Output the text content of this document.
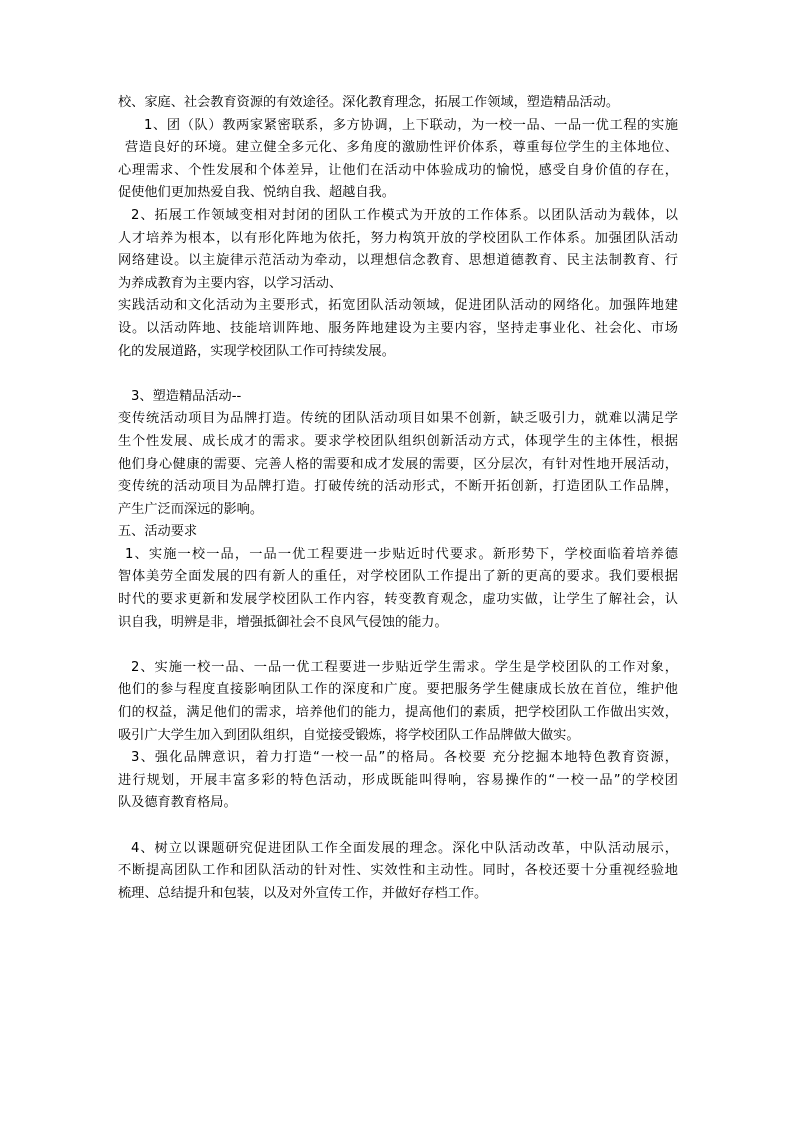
校、家庭、社会教育资源的有效途径。深化教育理念，拓展工作领域，塑造精品活动。
1、团（队）教两家紧密联系，多方协调，上下联动，为一校一品、一品一优工程的实施
营造良好的环境。建立健全多元化、多角度的激励性评价体系，尊重每位学生的主体地位、
心理需求、个性发展和个体差异，让他们在活动中体验成功的愉悦，感受自身价值的存在，
促使他们更加热爱自我、悦纳自我、超越自我。
2、拓展工作领域变相对封闭的团队工作模式为开放的工作体系。以团队活动为载体，以
人才培养为根本，以有形化阵地为依托，努力构筑开放的学校团队工作体系。加强团队活动
网络建设。以主旋律示范活动为牵动，以理想信念教育、思想道德教育、民主法制教育、行
为养成教育为主要内容，以学习活动、
实践活动和文化活动为主要形式，拓宽团队活动领域，促进团队活动的网络化。加强阵地建
设。以活动阵地、技能培训阵地、服务阵地建设为主要内容，坚持走事业化、社会化、市场
化的发展道路，实现学校团队工作可持续发展。
3、塑造精品活动--
变传统活动项目为品牌打造。传统的团队活动项目如果不创新，缺乏吸引力，就难以满足学
生个性发展、成长成才的需求。要求学校团队组织创新活动方式，体现学生的主体性，根据
他们身心健康的需要、完善人格的需要和成才发展的需要，区分层次，有针对性地开展活动，
变传统的活动项目为品牌打造。打破传统的活动形式，不断开拓创新，打造团队工作品牌，
产生广泛而深远的影响。
五、活动要求
1、实施一校一品，一品一优工程要进一步贴近时代要求。新形势下，学校面临着培养德
智体美劳全面发展的四有新人的重任，对学校团队工作提出了新的更高的要求。我们要根据
时代的要求更新和发展学校团队工作内容，转变教育观念，虚功实做，让学生了解社会，认
识自我，明辨是非，增强抵御社会不良风气侵蚀的能力。
2、实施一校一品、一品一优工程要进一步贴近学生需求。学生是学校团队的工作对象，
他们的参与程度直接影响团队工作的深度和广度。要把服务学生健康成长放在首位，维护他
们的权益，满足他们的需求，培养他们的能力，提高他们的素质，把学校团队工作做出实效，
吸引广大学生加入到团队组织，自觉接受锻炼，将学校团队工作品牌做大做实。
3、强化品牌意识，着力打造“一校一品”的格局。各校要 充分挖掘本地特色教育资源，
进行规划，开展丰富多彩的特色活动，形成既能叫得响，容易操作的“一校一品”的学校团
队及德育教育格局。
4、树立以课题研究促进团队工作全面发展的理念。深化中队活动改革，中队活动展示，
不断提高团队工作和团队活动的针对性、实效性和主动性。同时，各校还要十分重视经验地
梳理、总结提升和包装，以及对外宣传工作，并做好存档工作。
